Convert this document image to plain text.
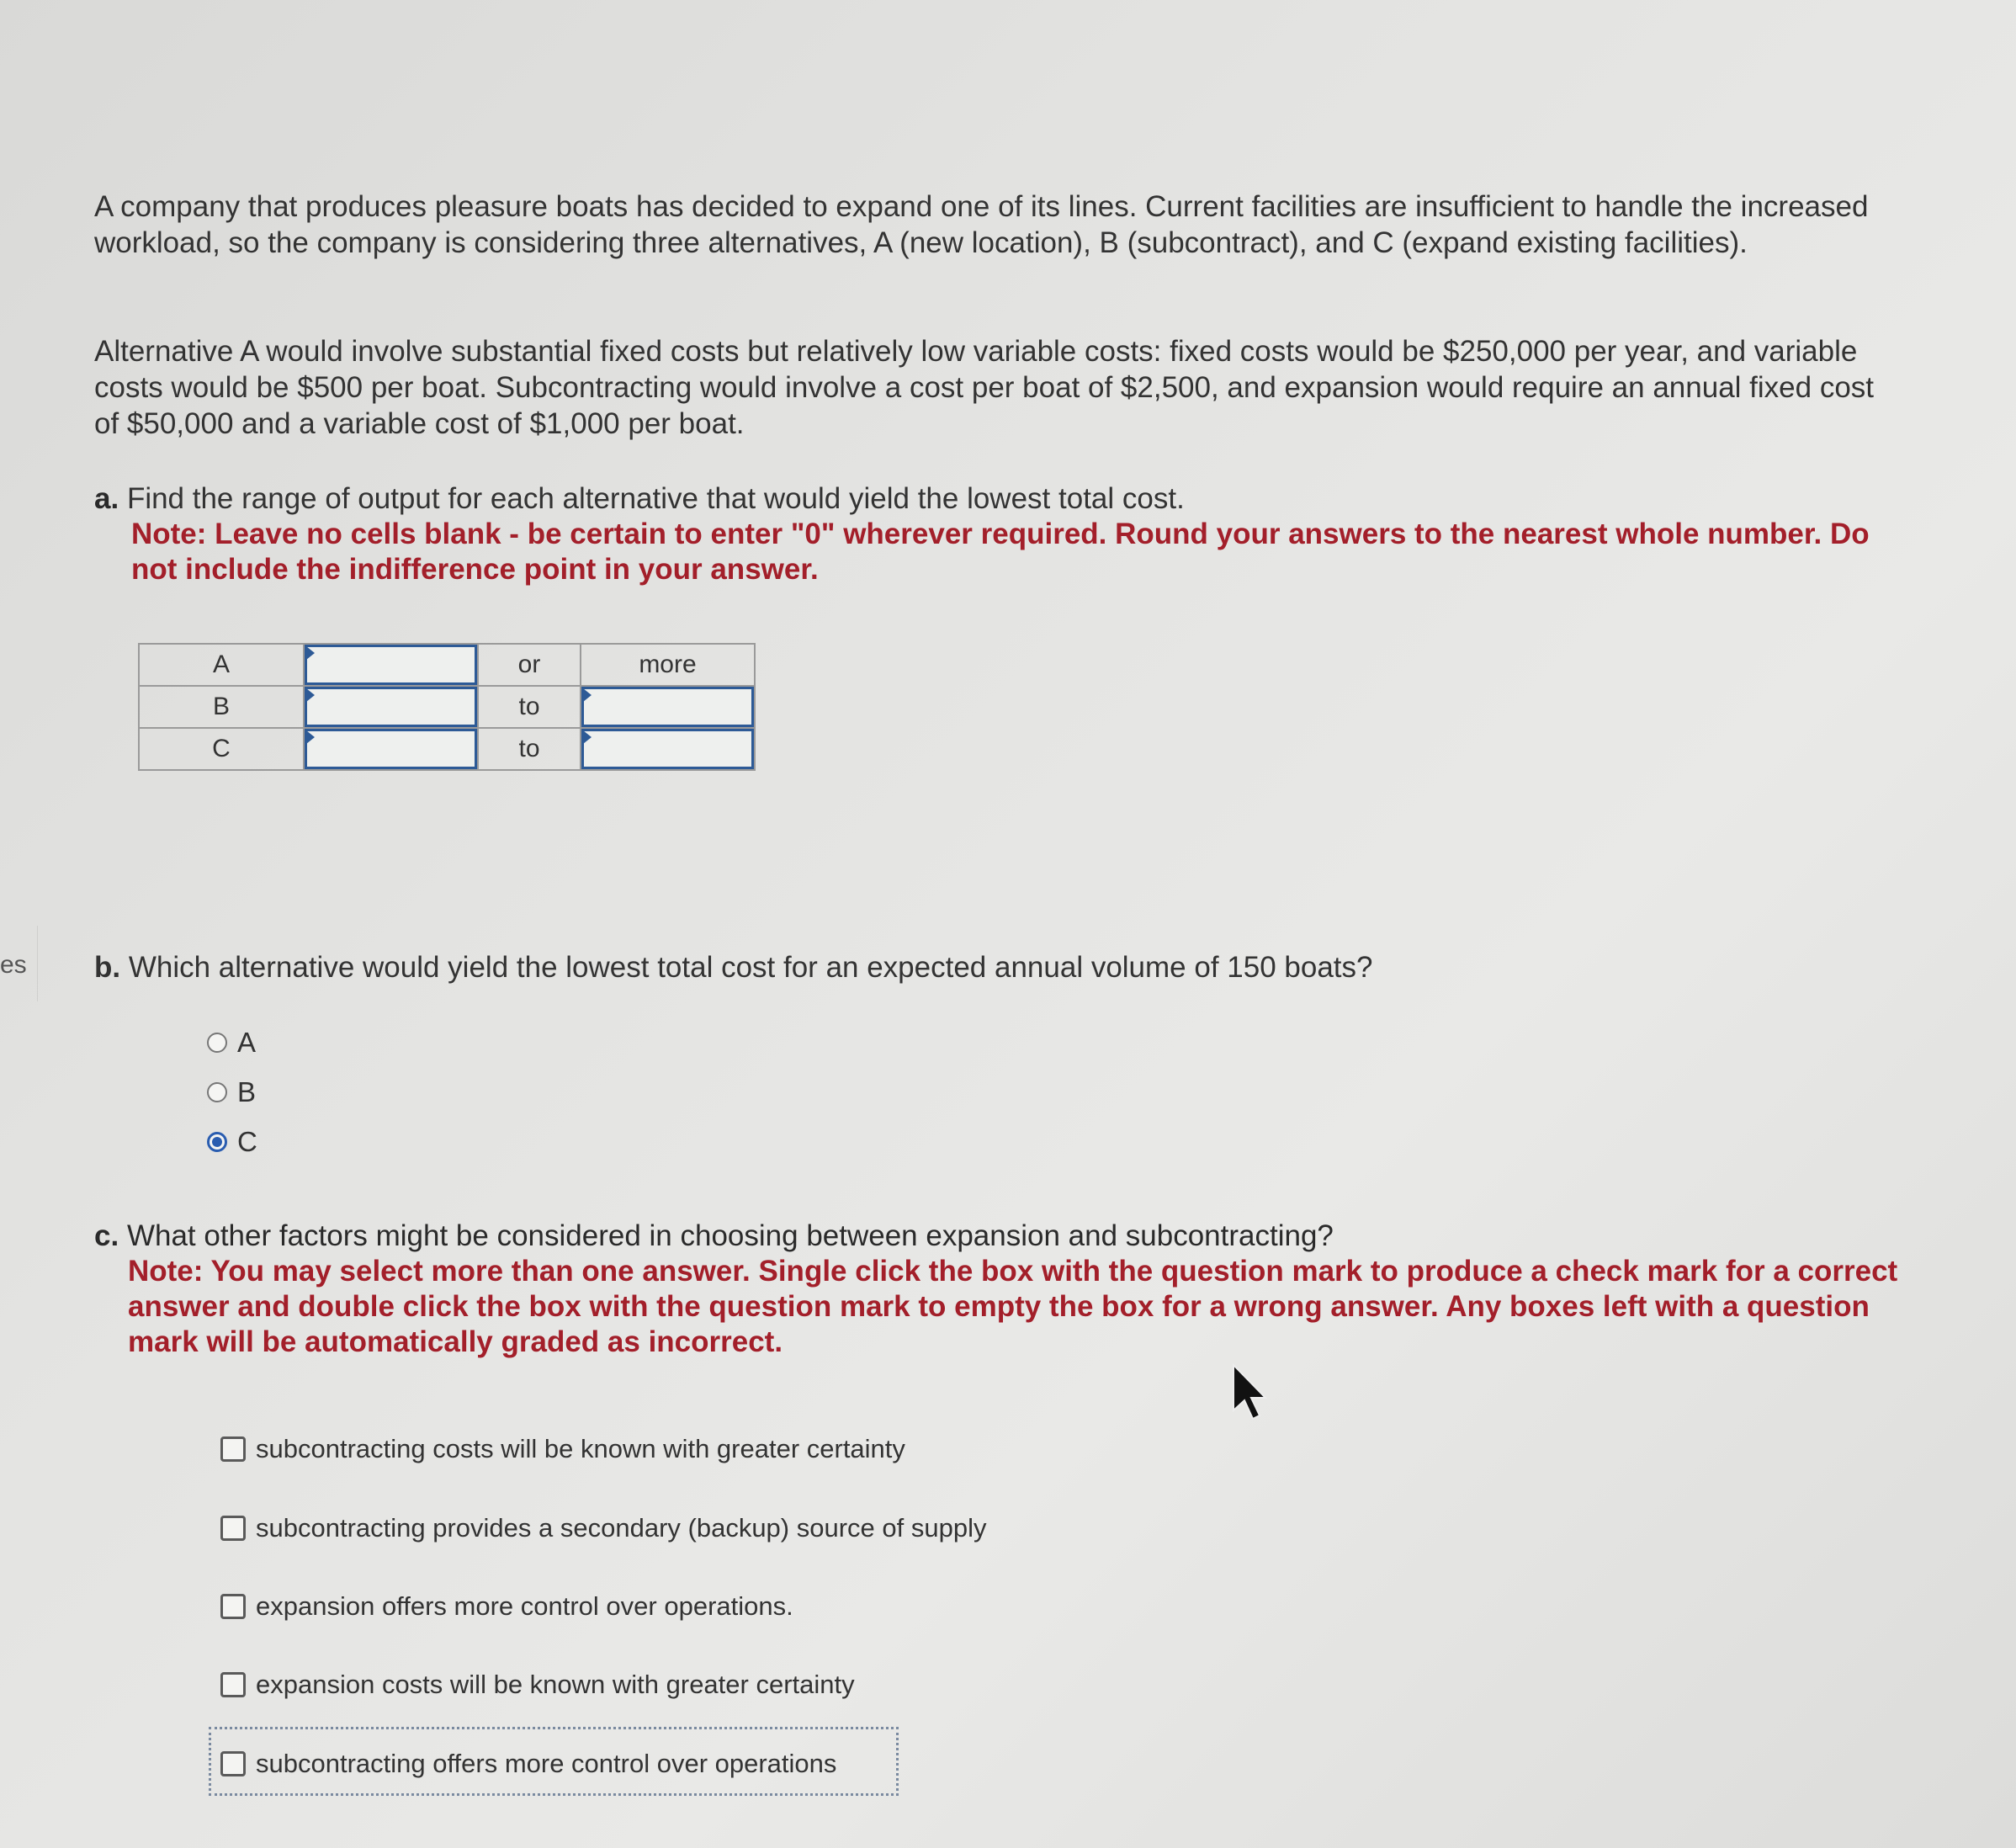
es
A company that produces pleasure boats has decided to expand one of its lines. Current facilities are insufficient to handle the increased workload, so the company is considering three alternatives, A (new location), B (subcontract), and C (expand existing facilities).
Alternative A would involve substantial fixed costs but relatively low variable costs: fixed costs would be $250,000 per year, and variable costs would be $500 per boat. Subcontracting would involve a cost per boat of $2,500, and expansion would require an annual fixed cost of $50,000 and a variable cost of $1,000 per boat.
a. Find the range of output for each alternative that would yield the lowest total cost.
Note: Leave no cells blank - be certain to enter "0" wherever required. Round your answers to the nearest whole number. Do not include the indifference point in your answer.
A		or	more
B		to	

C		to	
b. Which alternative would yield the lowest total cost for an expected annual volume of 150 boats?
A
B
C
c. What other factors might be considered in choosing between expansion and subcontracting?
Note: You may select more than one answer. Single click the box with the question mark to produce a check mark for a correct answer and double click the box with the question mark to empty the box for a wrong answer. Any boxes left with a question mark will be automatically graded as incorrect.
subcontracting costs will be known with greater certainty
subcontracting provides a secondary (backup) source of supply
expansion offers more control over operations.
expansion costs will be known with greater certainty
subcontracting offers more control over operations
